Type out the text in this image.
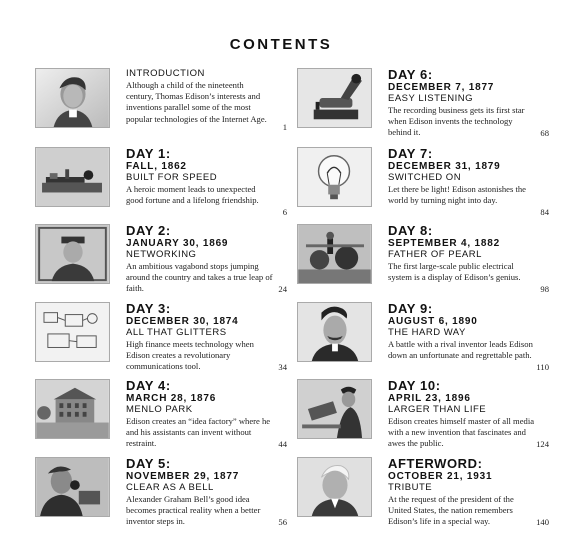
CONTENTS
INTRODUCTION
Although a child of the nineteenth century, Thomas Edison’s interests and inventions parallel some of the most popular technologies of the Internet Age.
1
DAY 1:
FALL, 1862
BUILT FOR SPEED
A heroic moment leads to unexpected good fortune and a lifelong friendship.
6
DAY 2:
JANUARY 30, 1869
NETWORKING
An ambitious vagabond stops jumping around the country and takes a true leap of faith.	24
DAY 3:
DECEMBER 30, 1874
ALL THAT GLITTERS
High finance meets technology when Edison creates a revolutionary communications tool.	34
DAY 4:
MARCH 28, 1876
MENLO PARK
Edison creates an “idea factory” where he and his assistants can invent without restraint.	44
DAY 5:
NOVEMBER 29, 1877
CLEAR AS A BELL
Alexander Graham Bell’s good idea becomes practical reality when a better inventor steps in.	56
DAY 6:
DECEMBER 7, 1877
EASY LISTENING
The recording business gets its first star when Edison invents the technology behind it.	68
DAY 7:
DECEMBER 31, 1879
SWITCHED ON
Let there be light! Edison astonishes the world by turning night into day.
84
DAY 8:
SEPTEMBER 4, 1882
FATHER OF PEARL
The first large-scale public electrical system is a display of Edison’s genius.
98
DAY 9:
AUGUST 6, 1890
THE HARD WAY
A battle with a rival inventor leads Edison down an unfortunate and regrettable path.
110
DAY 10:
APRIL 23, 1896
LARGER THAN LIFE
Edison creates himself master of all media with a new invention that fascinates and awes the public.	124
AFTERWORD:
OCTOBER 21, 1931
TRIBUTE
At the request of the president of the United States, the nation remembers Edison’s life in a special way.	140
